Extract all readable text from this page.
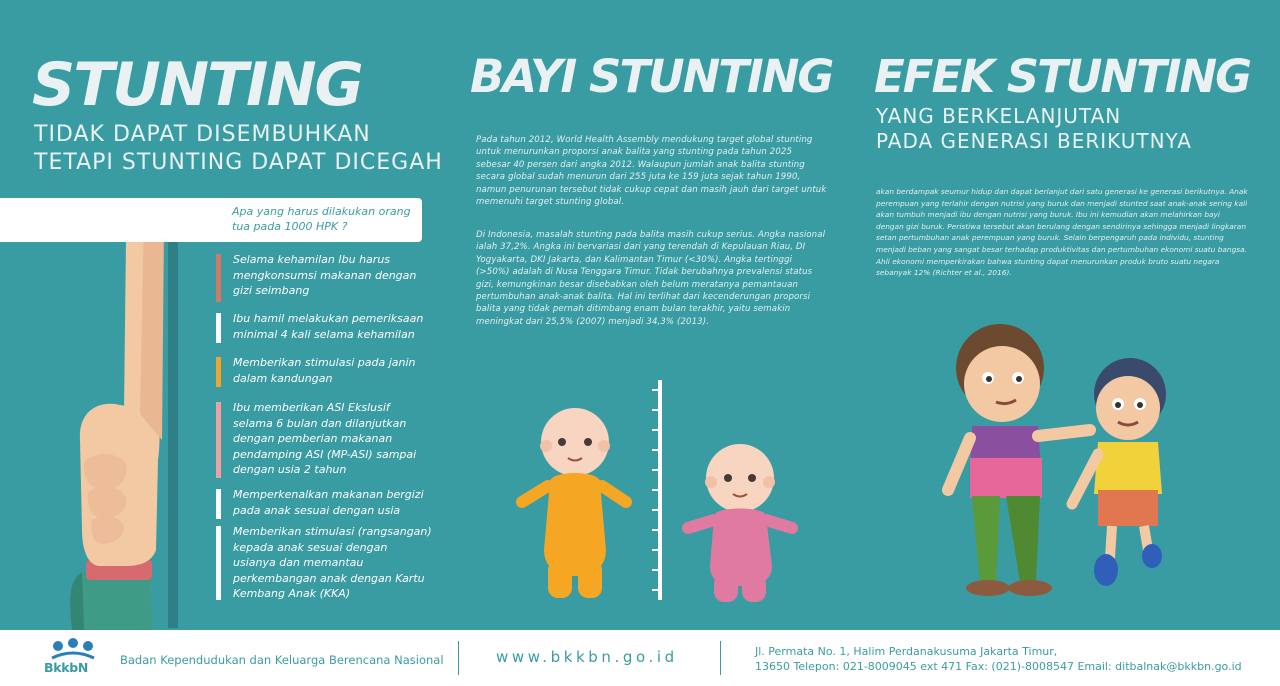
STUNTING
TIDAK DAPAT DISEMBUHKAN
TETAPI STUNTING DAPAT DICEGAH
Apa yang harus dilakukan orang tua pada 1000 HPK ?
Selama kehamilan Ibu harus mengkonsumsi makanan dengan gizi seimbang
Ibu hamil melakukan pemeriksaan minimal 4 kali selama kehamilan
Memberikan stimulasi pada janin dalam kandungan
Ibu memberikan ASI Ekslusif selama 6 bulan dan dilanjutkan dengan pemberian makanan pendamping ASI (MP-ASI) sampai dengan usia 2 tahun
Memperkenalkan makanan bergizi pada anak sesuai dengan usia
Memberikan stimulasi (rangsangan) kepada anak sesuai dengan usianya dan memantau perkembangan anak dengan Kartu Kembang Anak (KKA)
BAYI STUNTING
Pada tahun 2012, World Health Assembly mendukung target global stunting untuk menurunkan proporsi anak balita yang stunting pada tahun 2025 sebesar 40 persen dari angka 2012. Walaupun jumlah anak balita stunting secara global sudah menurun dari 255 juta ke 159 juta sejak tahun 1990, namun penurunan tersebut tidak cukup cepat dan masih jauh dari target untuk memenuhi target stunting global.
Di Indonesia, masalah stunting pada balita masih cukup serius. Angka nasional ialah 37,2%. Angka ini bervariasi dari yang terendah di Kepulauan Riau, DI Yogyakarta, DKI Jakarta, dan Kalimantan Timur (<30%). Angka tertinggi (>50%) adalah di Nusa Tenggara Timur. Tidak berubahnya prevalensi status gizi, kemungkinan besar disebabkan oleh belum meratanya pemantauan pertumbuhan anak-anak balita. Hal ini terlihat dari kecenderungan proporsi balita yang tidak pernah ditimbang enam bulan terakhir, yaitu semakin meningkat dari 25,5% (2007) menjadi 34,3% (2013).
EFEK STUNTING
YANG BERKELANJUTAN
PADA GENERASI BERIKUTNYA
akan berdampak seumur hidup dan dapat berlanjut dari satu generasi ke generasi berikutnya. Anak perempuan yang terlahir dengan nutrisi yang buruk dan menjadi stunted saat anak-anak sering kali akan tumbuh menjadi ibu dengan nutrisi yang buruk. Ibu ini kemudian akan melahirkan bayi dengan gizi buruk. Peristiwa tersebut akan berulang dengan sendirinya sehingga menjadi lingkaran setan pertumbuhan anak perempuan yang buruk. Selain berpengaruh pada individu, stunting menjadi beban yang sangat besar terhadap produktivitas dan pertumbuhan ekonomi suatu bangsa. Ahli ekonomi memperkirakan bahwa stunting dapat menurunkan produk bruto suatu negara sebanyak 12% (Richter et al., 2016).
BkkbN	Badan Kependudukan dan Keluarga Berencana Nasional	www.bkkbn.go.id	Jl. Permata No. 1, Halim Perdanakusuma Jakarta Timur,
13650 Telepon: 021-8009045 ext 471 Fax: (021)-8008547 Email: ditbalnak@bkkbn.go.id
